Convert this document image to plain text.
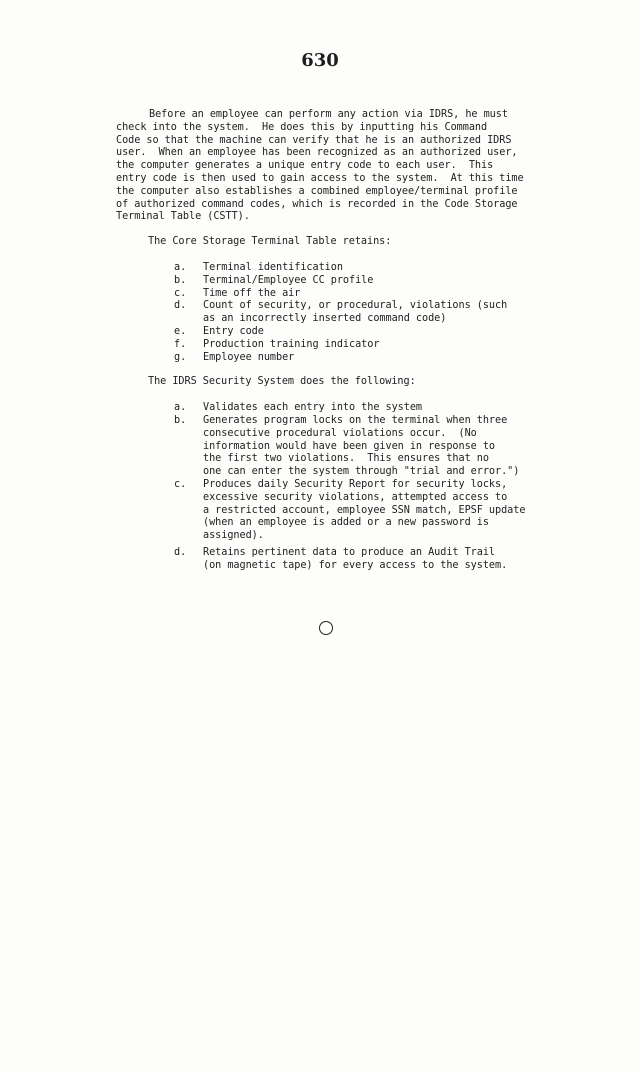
630
Before an employee can perform any action via IDRS, he must
check into the system.  He does this by inputting his Command
Code so that the machine can verify that he is an authorized IDRS
user.  When an employee has been recognized as an authorized user,
the computer generates a unique entry code to each user.  This
entry code is then used to gain access to the system.  At this time
the computer also establishes a combined employee/terminal profile
of authorized command codes, which is recorded in the Code Storage
Terminal Table (CSTT).
The Core Storage Terminal Table retains:
a.	Terminal identification
b.	Terminal/Employee CC profile
c.	Time off the air
d.	Count of security, or procedural, violations (such
as an incorrectly inserted command code)
e.	Entry code
f.	Production training indicator
g.	Employee number
The IDRS Security System does the following:
a.	Validates each entry into the system
b.	Generates program locks on the terminal when three
consecutive procedural violations occur.  (No
information would have been given in response to
the first two violations.  This ensures that no
one can enter the system through "trial and error.")
c.	Produces daily Security Report for security locks,
excessive security violations, attempted access to
a restricted account, employee SSN match, EPSF update
(when an employee is added or a new password is
assigned).
d.	Retains pertinent data to produce an Audit Trail
(on magnetic tape) for every access to the system.
